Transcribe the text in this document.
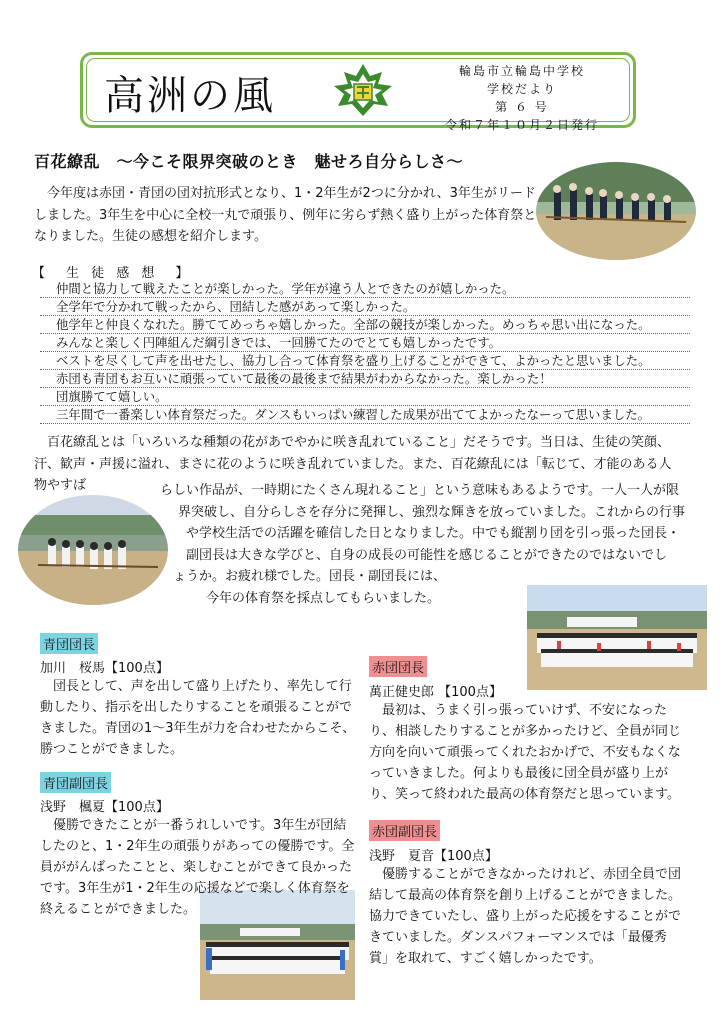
高洲の風
輪島市立輪島中学校
学校だより
第 ６ 号
令和７年１０月２日発行
百花繚乱　～今こそ限界突破のとき　魅せろ自分らしさ～
今年度は赤団・青団の団対抗形式となり、1・2年生が2つに分かれ、3年生がリードしました。3年生を中心に全校一丸で頑張り、例年に劣らず熱く盛り上がった体育祭となりました。生徒の感想を紹介します。
【　生 徒 感 想　】
仲間と協力して戦えたことが楽しかった。学年が違う人とできたのが嬉しかった。
全学年で分かれて戦ったから、団結した感があって楽しかった。
他学年と仲良くなれた。勝ててめっちゃ嬉しかった。全部の競技が楽しかった。めっちゃ思い出になった。
みんなと楽しく円陣組んだ綱引きでは、一回勝てたのでとても嬉しかったです。
ベストを尽くして声を出せたし、協力し合って体育祭を盛り上げることができて、よかったと思いました。
赤団も青団もお互いに頑張っていて最後の最後まで結果がわからなかった。楽しかった！
団旗勝てて嬉しい。
三年間で一番楽しい体育祭だった。ダンスもいっぱい練習した成果が出ててよかったなーって思いました。
百花繚乱とは「いろいろな種類の花があでやかに咲き乱れていること」だそうです。当日は、生徒の笑顔、汗、歓声・声援に溢れ、まさに花のように咲き乱れていました。また、百花繚乱には「転じて、才能のある人物やすば	らしい作品が、一時期にたくさん現れること」という意味もあるようです。一人一人が限
界突破し、自分らしさを存分に発揮し、強烈な輝きを放っていました。これからの行事
や学校生活での活躍を確信した日となりました。中でも縦割り団を引っ張った団長・
副団長は大きな学びと、自身の成長の可能性を感じることができたのではないでし
ょうか。お疲れ様でした。団長・副団長には、
今年の体育祭を採点してもらいました。
青団団長
加川　桜馬【100点】
団長として、声を出して盛り上げたり、率先して行動したり、指示を出したりすることを頑張ることができました。青団の1～3年生が力を合わせたからこそ、勝つことができました。
青団副団長
浅野　楓夏【100点】
優勝できたことが一番うれしいです。3年生が団結したのと、1・2年生の頑張りがあっての優勝です。全員ががんばったことと、楽しむことができて良かったです。3年生が1・2年生の応援などで楽しく体育祭を終えることができました。
赤団団長
萬正健史郎 【100点】
最初は、うまく引っ張っていけず、不安になったり、相談したりすることが多かったけど、全員が同じ方向を向いて頑張ってくれたおかげで、不安もなくなっていきました。何よりも最後に団全員が盛り上がり、笑って終われた最高の体育祭だと思っています。
赤団副団長
浅野　夏音【100点】
優勝することができなかったけれど、赤団全員で団結して最高の体育祭を創り上げることができました。協力できていたし、盛り上がった応援をすることができていました。ダンスパフォーマンスでは「最優秀賞」を取れて、すごく嬉しかったです。
